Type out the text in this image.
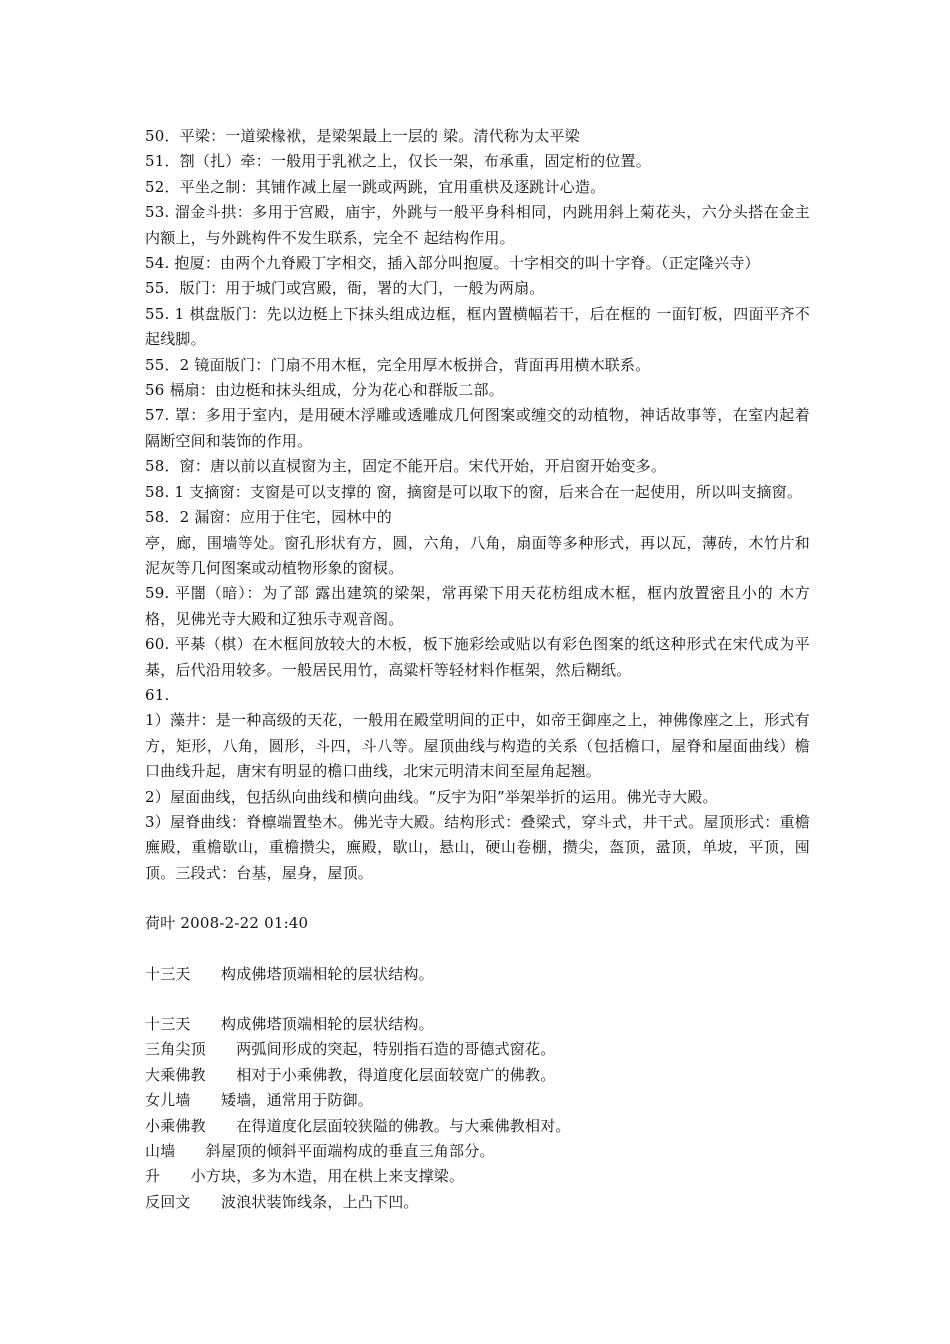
50．平梁：一道梁椽袱，是梁架最上一层的 梁。清代称为太平梁

51．劄（扎）牵：一般用于乳袱之上，仅长一架，布承重，固定桁的位置。

52．平坐之制：其铺作减上屋一跳或两跳，宜用重栱及逐跳计心造。

53. 溜金斗拱：多用于宫殿，庙宇，外跳与一般平身科相同，内跳用斜上菊花头，六分头搭在金主内额上，与外跳构件不发生联系，完全不 起结构作用。

54. 抱厦：由两个九脊殿丁字相交，插入部分叫抱厦。十字相交的叫十字脊。（正定隆兴寺）

55．版门：用于城门或宫殿，衙，署的大门，一般为两扇。

55. 1 棋盘版门：先以边梃上下抹头组成边框，框内置横幅若干，后在框的 一面钉板，四面平齐不起线脚。

55．2 镜面版门：门扇不用木框，完全用厚木板拼合，背面再用横木联系。

56 槅扇：由边梃和抹头组成，分为花心和群版二部。

57. 罩：多用于室内，是用硬木浮雕或透雕成几何图案或缠交的动植物，神话故事等，在室内起着隔断空间和装饰的作用。

58．窗：唐以前以直棂窗为主，固定不能开启。宋代开始，开启窗开始变多。

58. 1 支摘窗：支窗是可以支撑的 窗，摘窗是可以取下的窗，后来合在一起使用，所以叫支摘窗。

58．2 漏窗：应用于住宅，园林中的

亭，廊，围墙等处。窗孔形状有方，圆，六角，八角，扇面等多种形式，再以瓦，薄砖，木竹片和泥灰等几何图案或动植物形象的窗棂。

59. 平闇（暗）：为了部 露出建筑的梁架，常再梁下用天花枋组成木框，框内放置密且小的 木方格，见佛光寺大殿和辽独乐寺观音阁。

60. 平棊（棋）在木框间放较大的木板，板下施彩绘或贴以有彩色图案的纸这种形式在宋代成为平棊，后代沿用较多。一般居民用竹，高粱杆等轻材料作框架，然后糊纸。

61.

1）藻井：是一种高级的天花，一般用在殿堂明间的正中，如帝王御座之上，神佛像座之上，形式有方，矩形，八角，圆形，斗四，斗八等。屋顶曲线与构造的关系（包括檐口，屋脊和屋面曲线）檐口曲线升起，唐宋有明显的檐口曲线，北宋元明清末间至屋角起翘。

2）屋面曲线，包括纵向曲线和横向曲线。“反宇为阳”举架举折的运用。佛光寺大殿。

3）屋脊曲线：脊檩端置垫木。佛光寺大殿。结构形式：叠梁式，穿斗式，井干式。屋顶形式：重檐廡殿，重檐歇山，重檐攒尖，廡殿，歇山，悬山，硬山卷棚，攒尖，盔顶，盝顶，单坡，平顶，囤顶。三段式：台基，屋身，屋顶。

荷叶 2008-2-22 01:40

十三天　　构成佛塔顶端相轮的层状结构。

十三天　　构成佛塔顶端相轮的层状结构。

三角尖顶　　两弧间形成的突起，特别指石造的哥德式窗花。

大乘佛教　　相对于小乘佛教，得道度化层面较宽广的佛教。

女儿墙　　矮墙，通常用于防御。

小乘佛教　　在得道度化层面较狭隘的佛教。与大乘佛教相对。

山墙　　斜屋顶的倾斜平面端构成的垂直三角部分。

升　　小方块，多为木造，用在栱上来支撑梁。

反回文　　波浪状装饰线条，上凸下凹。
